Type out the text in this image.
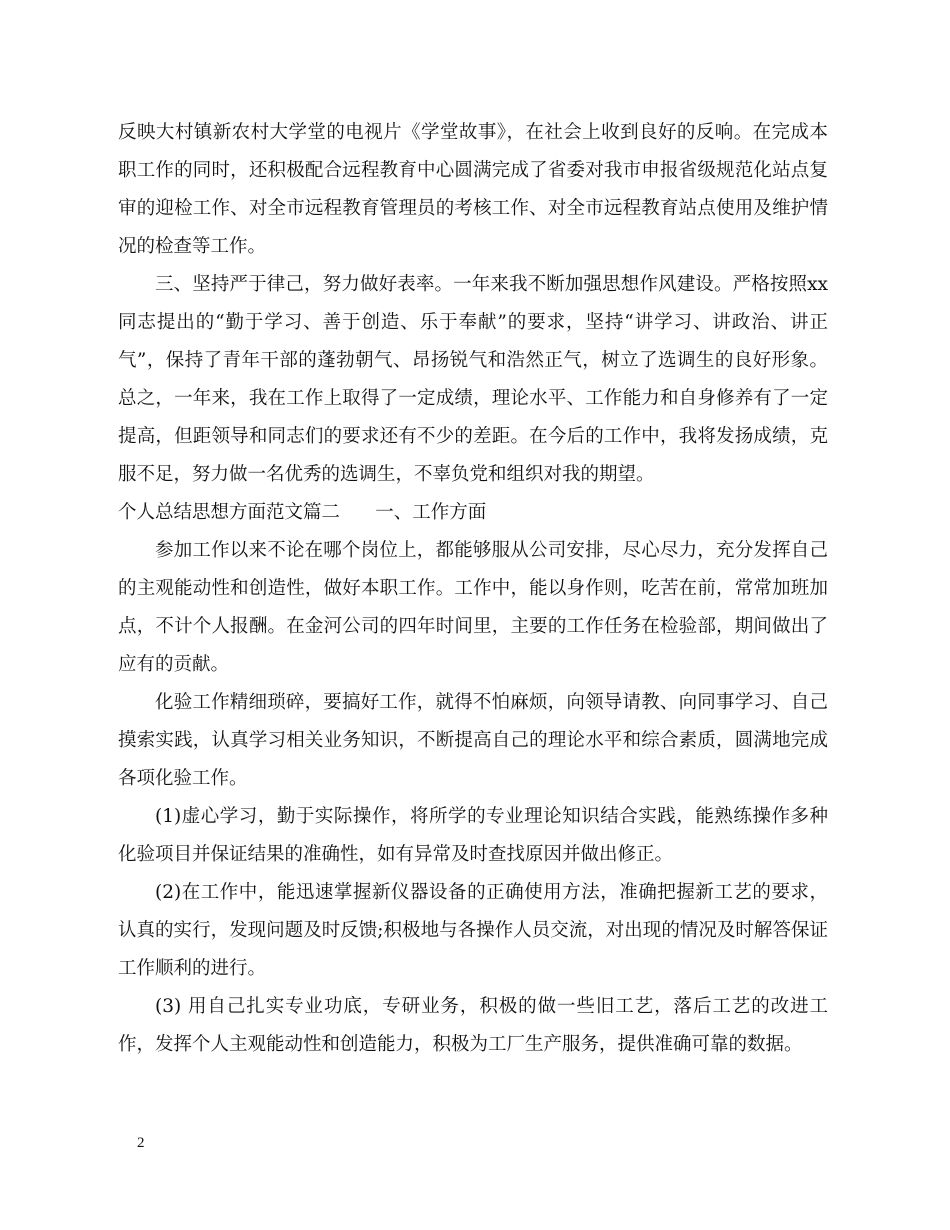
反映大村镇新农村大学堂的电视片《学堂故事》，在社会上收到良好的反响。在完成本职工作的同时，还积极配合远程教育中心圆满完成了省委对我市申报省级规范化站点复审的迎检工作、对全市远程教育管理员的考核工作、对全市远程教育站点使用及维护情况的检查等工作。

三、坚持严于律己，努力做好表率。一年来我不断加强思想作风建设。严格按照xx同志提出的“勤于学习、善于创造、乐于奉献”的要求，坚持“讲学习、讲政治、讲正气”，保持了青年干部的蓬勃朝气、昂扬锐气和浩然正气，树立了选调生的良好形象。总之，一年来，我在工作上取得了一定成绩，理论水平、工作能力和自身修养有了一定提高，但距领导和同志们的要求还有不少的差距。在今后的工作中，我将发扬成绩，克服不足，努力做一名优秀的选调生，不辜负党和组织对我的期望。

个人总结思想方面范文篇二      一、工作方面

参加工作以来不论在哪个岗位上，都能够服从公司安排，尽心尽力，充分发挥自己的主观能动性和创造性，做好本职工作。工作中，能以身作则，吃苦在前，常常加班加点，不计个人报酬。在金河公司的四年时间里，主要的工作任务在检验部，期间做出了应有的贡献。

化验工作精细琐碎，要搞好工作，就得不怕麻烦，向领导请教、向同事学习、自己摸索实践，认真学习相关业务知识，不断提高自己的理论水平和综合素质，圆满地完成各项化验工作。

(1)虚心学习，勤于实际操作，将所学的专业理论知识结合实践，能熟练操作多种化验项目并保证结果的准确性，如有异常及时查找原因并做出修正。

(2)在工作中，能迅速掌握新仪器设备的正确使用方法，准确把握新工艺的要求，认真的实行，发现问题及时反馈;积极地与各操作人员交流，对出现的情况及时解答保证工作顺利的进行。

(3) 用自己扎实专业功底，专研业务，积极的做一些旧工艺，落后工艺的改进工作，发挥个人主观能动性和创造能力，积极为工厂生产服务，提供准确可靠的数据。

2
